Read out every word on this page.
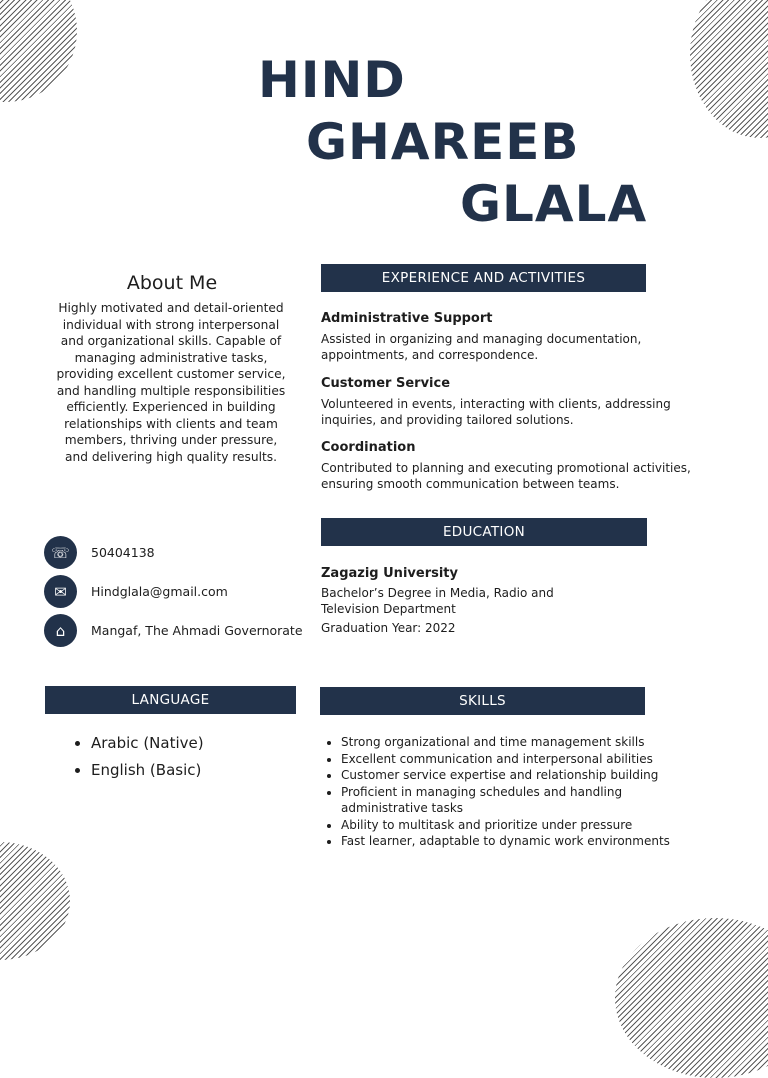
HIND
GHAREEB
GLALA
About Me
Highly motivated and detail-oriented individual with strong interpersonal and organizational skills. Capable of managing administrative tasks, providing excellent customer service, and handling multiple responsibilities efficiently. Experienced in building relationships with clients and team members, thriving under pressure, and delivering high quality results.
☏	50404138
✉	Hindglala@gmail.com
⌂	Mangaf, The Ahmadi Governorate
EXPERIENCE AND ACTIVITIES
Administrative Support
Assisted in organizing and managing documentation, appointments, and correspondence.
Customer Service
Volunteered in events, interacting with clients, addressing inquiries, and providing tailored solutions.
Coordination
Contributed to planning and executing promotional activities, ensuring smooth communication between teams.
EDUCATION
Zagazig University
Bachelor’s Degree in Media, Radio and Television Department
Graduation Year: 2022
LANGUAGE
• Arabic (Native)
• English (Basic)
SKILLS
• Strong organizational and time management skills
• Excellent communication and interpersonal abilities
• Customer service expertise and relationship building
• Proficient in managing schedules and handling administrative tasks
• Ability to multitask and prioritize under pressure
• Fast learner, adaptable to dynamic work environments
